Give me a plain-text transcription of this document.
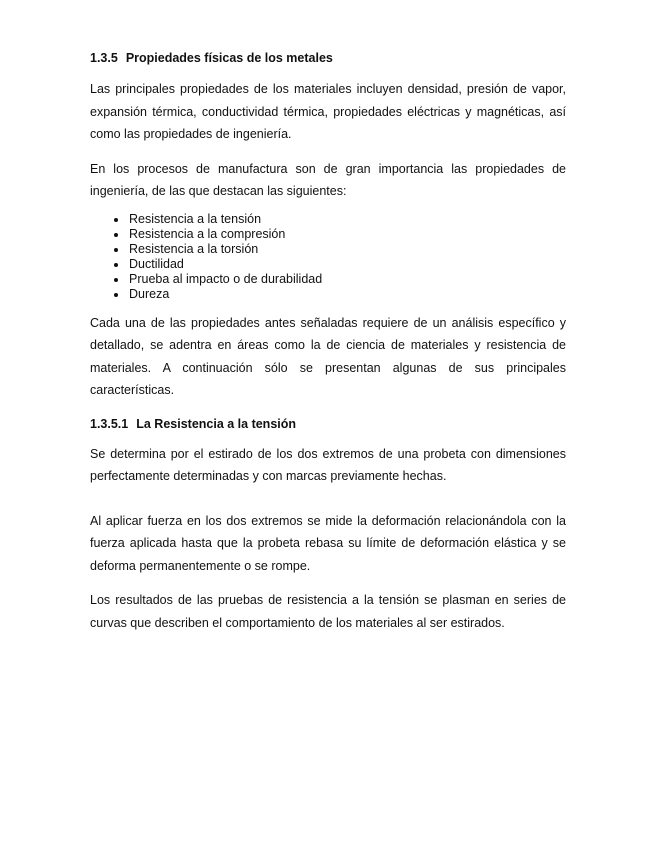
1.3.5 Propiedades físicas de los metales

Las principales propiedades de los materiales incluyen densidad, presión de vapor, expansión térmica, conductividad térmica, propiedades eléctricas y magnéticas, así como las propiedades de ingeniería.

En los procesos de manufactura son de gran importancia las propiedades de ingeniería, de las que destacan las siguientes:

Resistencia a la tensión
Resistencia a la compresión
Resistencia a la torsión
Ductilidad
Prueba al impacto o de durabilidad
Dureza

Cada una de las propiedades antes señaladas requiere de un análisis específico y detallado, se adentra en áreas como la de ciencia de materiales y resistencia de materiales. A continuación sólo se presentan algunas de sus principales características.

1.3.5.1 La Resistencia a la tensión

Se determina por el estirado de los dos extremos de una probeta con dimensiones perfectamente determinadas y con marcas previamente hechas.

Al aplicar fuerza en los dos extremos se mide la deformación relacionándola con la fuerza aplicada hasta que la probeta rebasa su límite de deformación elástica y se deforma permanentemente o se rompe.

Los resultados de las pruebas de resistencia a la tensión se plasman en series de curvas que describen el comportamiento de los materiales al ser estirados.
